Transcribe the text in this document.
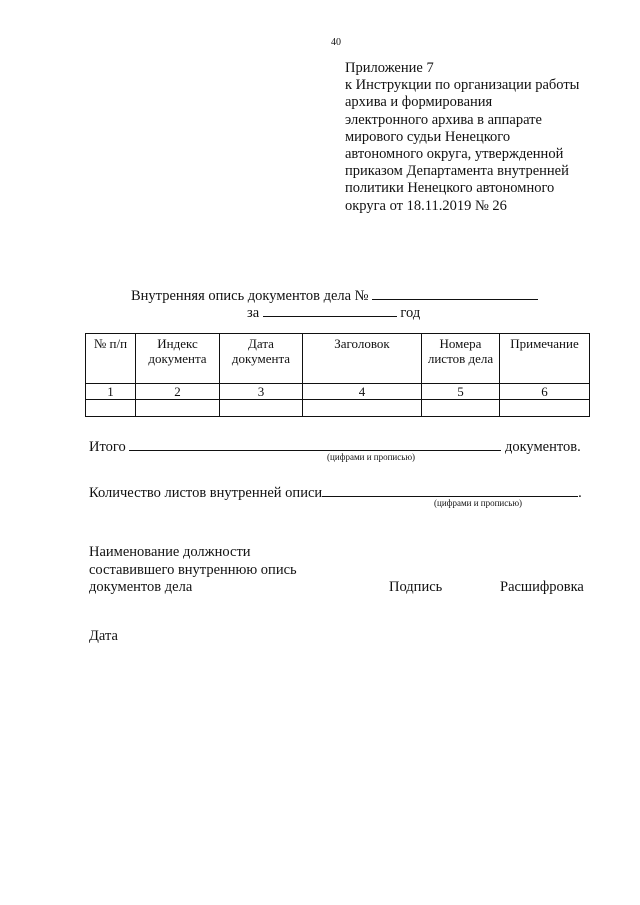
40
Приложение 7
к Инструкции по организации работы
архива и формирования
электронного архива в аппарате
мирового судьи Ненецкого
автономного округа, утвержденной
приказом Департамента внутренней
политики Ненецкого автономного
округа от 18.11.2019 № 26
Внутренняя опись документов дела №
за	год
№ п/п	Индекс документа	Дата документа	Заголовок	Номера листов дела	Примечание
1	2	3	4	5	6

Итого	документов.
(цифрами и прописью)
Количество листов внутренней описи	.
(цифрами и прописью)
Наименование должности
составившего внутреннюю опись
документов дела	Подпись	Расшифровка
Дата
